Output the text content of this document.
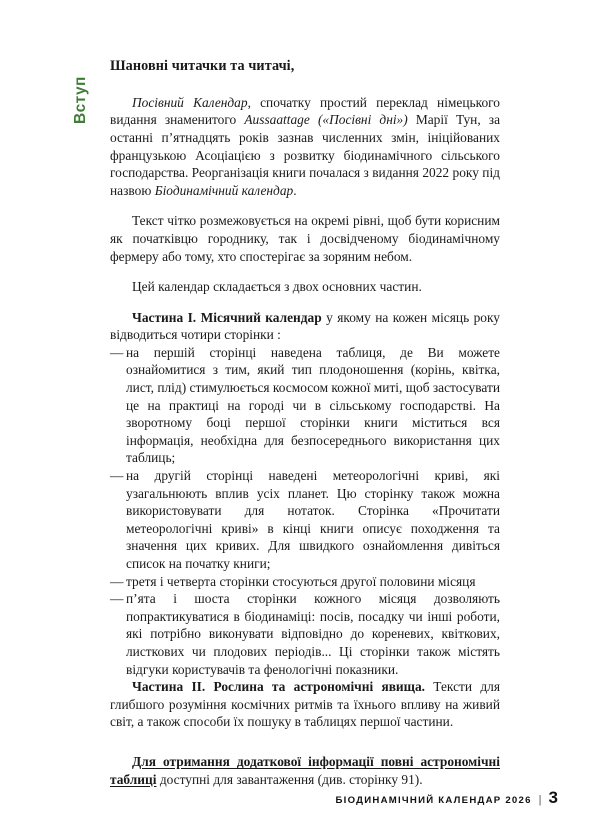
Вступ
Шановні читачки та читачі,

Посівний Календар, спочатку простий переклад німецького видання знаменитого Aussaattage («Посівні дні») Марії Тун, за останні п’ятнадцять років зазнав численних змін, ініційованих французькою Асоціацією з розвитку біодинамічного сільського господарства. Реорганізація книги почалася з видання 2022 року під назвою Біодинамічний календар.

Текст чітко розмежовується на окремі рівні, щоб бути корисним як початківцю городнику, так і досвідченому біодинамічному фермеру або тому, хто спостерігає за зоряним небом.

Цей календар складається з двох основних частин.

Частина I. Місячний календар у якому на кожен місяць року відводиться чотири сторінки :

— на першій сторінці наведена таблиця, де Ви можете ознайомитися з тим, який тип плодоношення (корінь, квітка, лист, плід) стимулюється космосом кожної миті, щоб застосувати це на практиці на городі чи в сільському господарстві. На зворотному боці першої сторінки книги міститься вся інформація, необхідна для безпосереднього використання цих таблиць;
— на другій сторінці наведені метеорологічні криві, які узагальнюють вплив усіх планет. Цю сторінку також можна використовувати для нотаток. Сторінка «Прочитати метеорологічні криві» в кінці книги описує походження та значення цих кривих. Для швидкого ознайомлення дивіться список на початку книги;
— третя і четверта сторінки стосуються другої половини місяця
— п’ята і шоста сторінки кожного місяця дозволяють попрактикуватися в біодинаміці: посів, посадку чи інші роботи, які потрібно виконувати відповідно до кореневих, квіткових, листкових чи плодових періодів... Ці сторінки також містять відгуки користувачів та фенологічні показники.

Частина II. Рослина та астрономічні явища. Тексти для глибшого розуміння космічних ритмів та їхнього впливу на живий світ, а також способи їх пошуку в таблицях першої частини.

Для отримання додаткової інформації повні астрономічні таблиці доступні для завантаження (див. сторінку 91).

БІОДИНАМІЧНИЙ КАЛЕНДАР 2026 | 3
